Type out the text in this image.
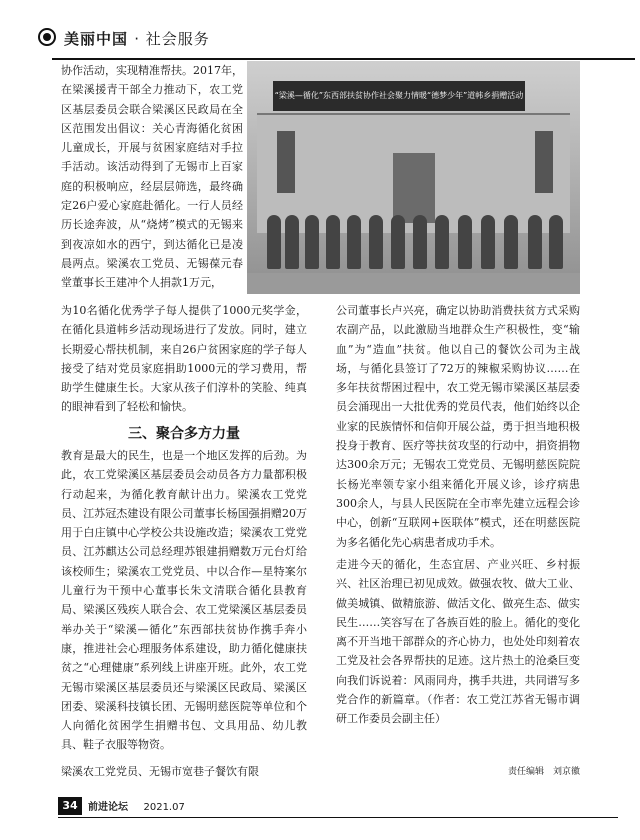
美丽中国 · 社会服务
“梁溪—循化”东西部扶贫协作社会聚力情暖“德梦少年”道帏乡捐赠活动
协作活动，实现精准帮扶。2017年，在梁溪援青干部全力推动下，农工党区基层委员会联合梁溪区民政局在全区范围发出倡议：关心青海循化贫困儿童成长，开展与贫困家庭结对手拉手活动。该活动得到了无锡市上百家庭的积极响应，经层层筛选，最终确定26户爱心家庭赴循化。一行人员经历长途奔波，从“烧烤”模式的无锡来到夜凉如水的西宁，到达循化已是凌晨两点。梁溪农工党员、无锡葆元春堂董事长王建冲个人捐款1万元，
为10名循化优秀学子每人提供了1000元奖学金，在循化县道帏乡活动现场进行了发放。同时，建立长期爱心帮扶机制，来自26户贫困家庭的学子每人接受了结对党员家庭捐助1000元的学习费用，帮助学生健康生长。大家从孩子们淳朴的笑脸、纯真的眼神看到了轻松和愉快。
三、聚合多方力量
教育是最大的民生，也是一个地区发挥的后劲。为此，农工党梁溪区基层委员会动员各方力量都积极行动起来，为循化教育献计出力。梁溪农工党党员、江苏冠杰建设有限公司董事长杨国强捐赠20万用于白庄镇中心学校公共设施改造；梁溪农工党党员、江苏麒达公司总经理苏银建捐赠数万元台灯给该校师生；梁溪农工党党员、中以合作—星特案尔儿童行为干预中心董事长朱文清联合循化县教育局、梁溪区残疾人联合会、农工党梁溪区基层委员举办关于“梁溪—循化”东西部扶贫协作携手奔小康，推进社会心理服务体系建设，助力循化健康扶贫之“心理健康”系列线上讲座开班。此外，农工党无锡市梁溪区基层委员还与梁溪区民政局、梁溪区团委、梁溪科技镇长团、无锡明慈医院等单位和个人向循化贫困学生捐赠书包、文具用品、幼儿教具、鞋子衣服等物资。
梁溪农工党党员、无锡市宽巷子餐饮有限
公司董事长卢兴亮，确定以协助消费扶贫方式采购农副产品，以此激励当地群众生产积极性，变“输血”为“造血”扶贫。他以自己的餐饮公司为主战场，与循化县签订了72万的辣椒采购协议……在多年扶贫帮困过程中，农工党无锡市梁溪区基层委员会涌现出一大批优秀的党员代表，他们始终以企业家的民族情怀和信仰开展公益，勇于担当地积极投身于教育、医疗等扶贫攻坚的行动中，捐资捐物达300余万元；无锡农工党党员、无锡明慈医院院长杨光率领专家小组来循化开展义诊，诊疗病患300余人，与县人民医院在全市率先建立远程会诊中心，创新“互联网+医联体”模式，还在明慈医院为多名循化先心病患者成功手术。
走进今天的循化，生态宜居、产业兴旺、乡村振兴、社区治理已初见成效。做强农牧、做大工业、做美城镇、做精旅游、做活文化、做亮生态、做实民生……笑容写在了各族百姓的脸上。循化的变化离不开当地干部群众的齐心协力，也处处印刻着农工党及社会各界帮扶的足迹。这片热土的沧桑巨变向我们诉说着：风雨同舟，携手共进，共同谱写多党合作的新篇章。（作者：农工党江苏省无锡市调研工作委员会副主任）
责任编辑　刘京徽
34	前进论坛 2021.07
